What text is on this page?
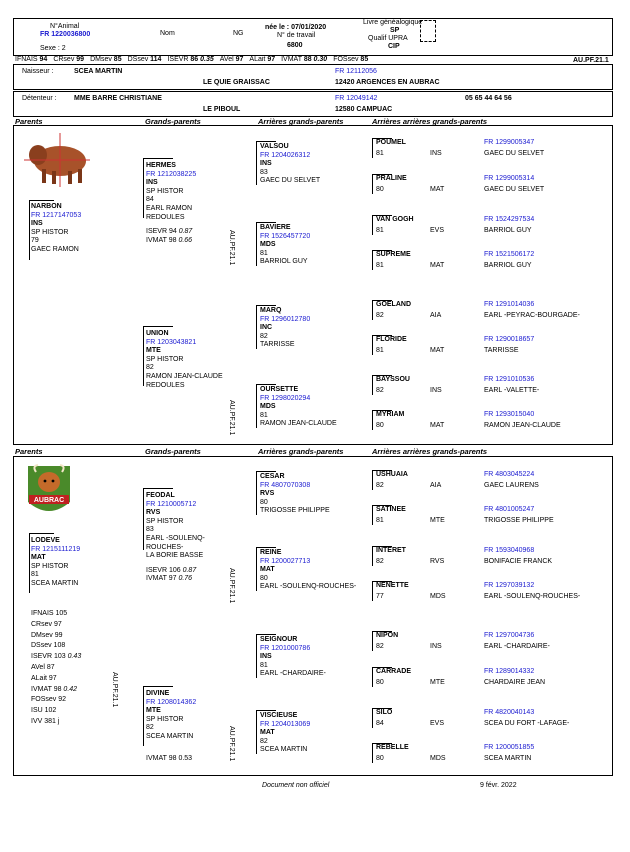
N°Animal
FR 1220036800
Sexe : 2
Nom	NG
née le : 07/01/2020
N° de travail
6800
Livre généalogique
SP
Qualif UPRA
CIP
IFNAIS 94 CRsev 99 DMsev 85 DSsev 114 ISEVR 86 0.35 AVel 97 ALait 97 IVMAT 88 0.30 FOSsev 85	AU.PF.21.1
Naisseur :	SCEA MARTIN
LE QUIE GRAISSAC
FR 12112056
12420 ARGENCES EN AUBRAC
Détenteur : MME BARRE CHRISTIANE
LE PIBOUL
FR 12049142
12580 CAMPUAC
05 65 44 64 56
Parents	Grands-parents	Arrières grands-parents	Arrières arrières grands-parents
NARBON
FR 1217147053
INS
SP HISTOR
79
GAEC RAMON
HERMES
FR 1212038225
INS
SP HISTOR
84
EARL RAMON
REDOULES
ISEVR 94 0.87
IVMAT 98 0.66	AU.PF.21.1
UNION
FR 1203043821
MTE
SP HISTOR
82
RAMON JEAN-CLAUDE
REDOULES
AU.PF.21.1
Parents	Grands-parents	Arrières grands-parents	Arrières arrières grands-parents
AUBRAC
LODEVE
FR 1215111219
MAT
SP HISTOR
81
SCEA MARTIN
IFNAIS 105
CRsev 97
DMsev 99
DSsev 108
ISEVR 103 0.43
AVel 87
ALait 97
IVMAT 98 0.42
FOSsev 92
ISU 102
IVV 381 j
AU.PF.21.1
FEODAL
FR 1210005712
RVS
SP HISTOR
83
EARL -SOULENQ-
ROUCHES-
LA BORIE BASSE
ISEVR 106 0.87
IVMAT 97 0.76	AU.PF.21.1
DIVINE
FR 1208014362
MTE
SP HISTOR
82
SCEA MARTIN
IVMAT 98 0.53	AU.PF.21.1
VALSOU
FR 1204026312
INS
83
GAEC DU SELVET
BAVIERE
FR 1526457720
MDS
81
BARRIOL GUY
MARQ
FR 1296012780
INC
82
TARRISSE
OURSETTE
FR 1298020294
MDS
81
RAMON JEAN-CLAUDE
CESAR
FR 4807070308
RVS
80
TRIGOSSE PHILIPPE
REINE
FR 1200027713
MAT
80
EARL -SOULENQ-ROUCHES-
SEIGNOUR
FR 1201000786
INS
81
EARL -CHARDAIRE-
VISCIEUSE
FR 1204013069
MAT
82
SCEA MARTIN
POUMEL
81	INS
FR 1299005347
GAEC DU SELVET
PRALINE
80	MAT
FR 1299005314
GAEC DU SELVET
VAN GOGH
81	EVS
FR 1524297534
BARRIOL GUY
SUPREME
81	MAT
FR 1521506172
BARRIOL GUY
GOELAND
82	AIA
FR 1291014036
EARL -PEYRAC-BOURGADE-
FLORIDE
81	MAT
FR 1290018657
TARRISSE
BAYSSOU
82	INS
FR 1291010536
EARL -VALETTE-
MYRIAM
80	MAT
FR 1293015040
RAMON JEAN-CLAUDE
USHUAIA
82	AIA
FR 4803045224
GAEC LAURENS
SATINEE
81	MTE
FR 4801005247
TRIGOSSE PHILIPPE
INTERET
82	RVS
FR 1593040968
BONIFACIE FRANCK
NENETTE
77	MDS
FR 1297039132
EARL -SOULENQ-ROUCHES-
NIPON
82	INS
FR 1297004736
EARL -CHARDAIRE-
CARRADE
80	MTE
FR 1289014332
CHARDAIRE JEAN
SILO
84	EVS
FR 4820040143
SCEA DU FORT -LAFAGE-
REBELLE
80	MDS
FR 1200051855
SCEA MARTIN
Document non officiel	9 févr. 2022
